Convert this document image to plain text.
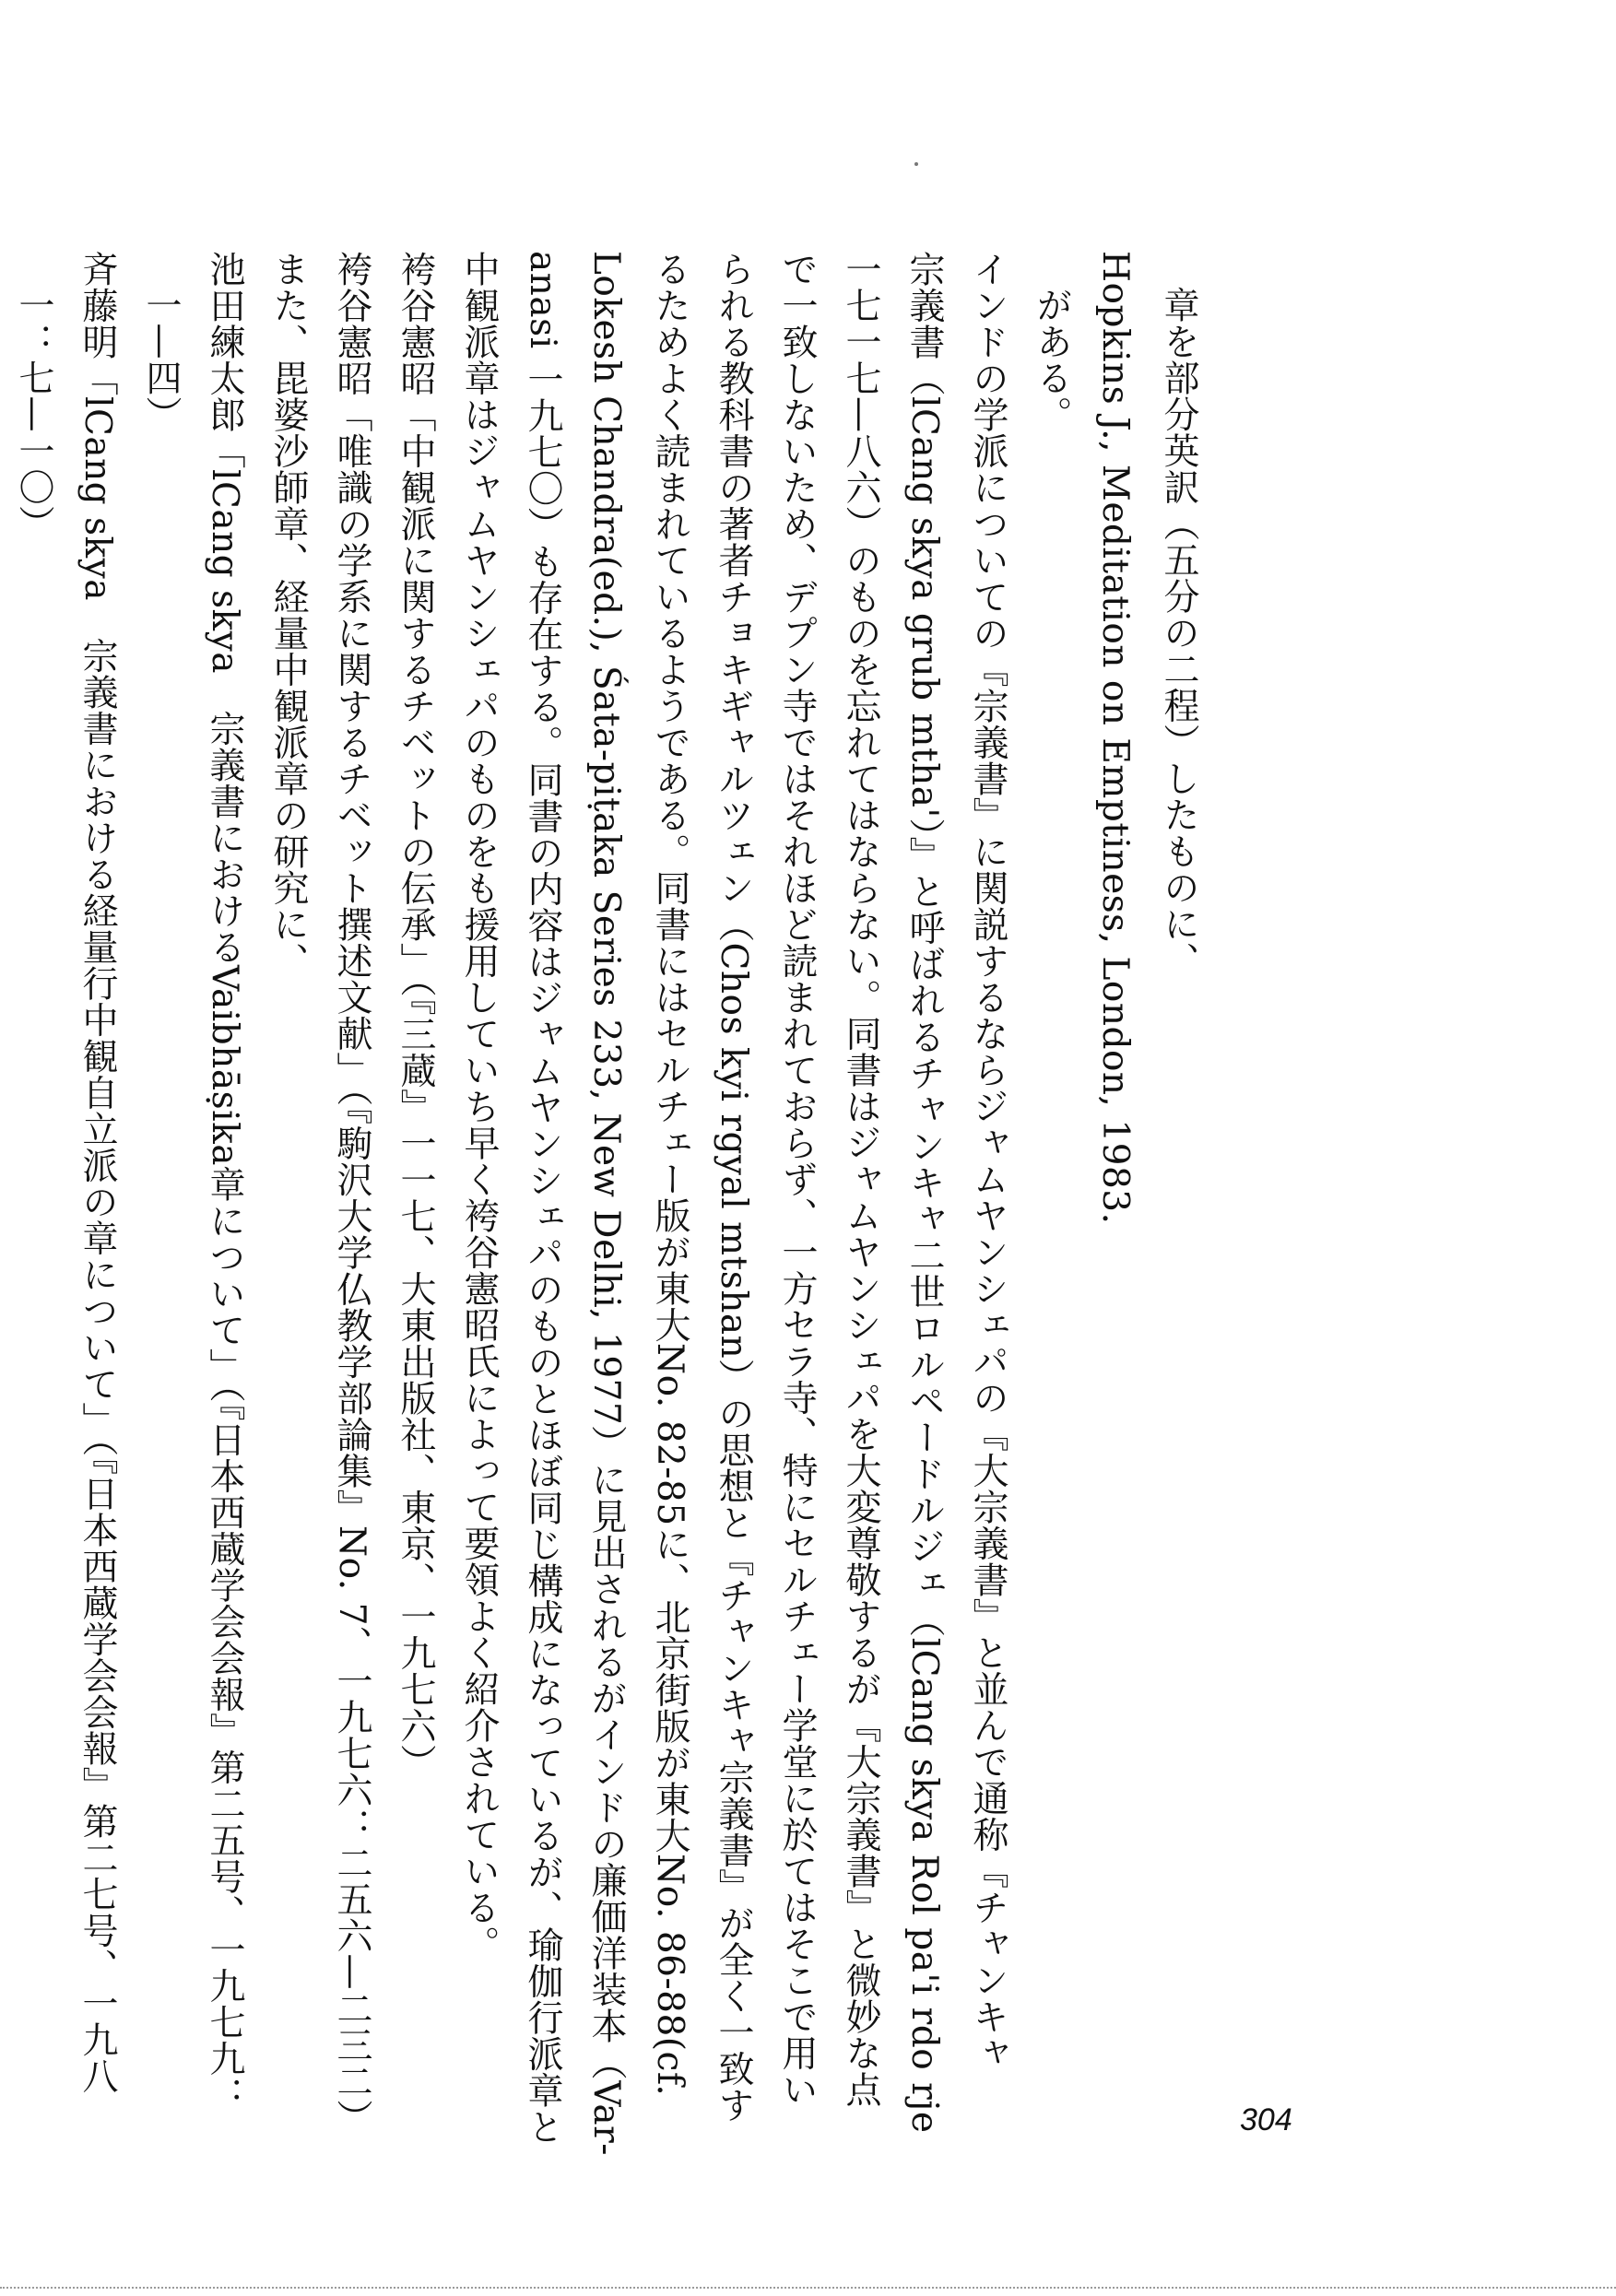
章を部分英訳（五分の二程）したものに、

Hopkins J., Meditation on Emptiness, London, 1983.

がある。

インドの学派についての『宗義書』に関説するならジャムヤンシェパの『大宗義書』と並んで通称『チャンキャ

宗義書（lCang skya grub mtha'）』と呼ばれるチャンキャ二世ロルペードルジェ（lCang skya Rol pa'i rdo rje

一七一七—八六）のものを忘れてはならない。同書はジャムヤンシェパを大変尊敬するが『大宗義書』と微妙な点

で一致しないため、デプン寺ではそれほど読まれておらず、一方セラ寺、特にセルチェー学堂に於てはそこで用い

られる教科書の著者チョキギャルツェン（Chos kyi rgyal mtshan）の思想と『チャンキャ宗義書』が全く一致す

るためよく読まれているようである。同書にはセルチェー版が東大No. 82-85に、北京街版が東大No. 86-88(cf.

Lokesh Chandra(ed.), Śata-piṭaka Series 233, New Delhi, 1977）に見出されるがインドの廉価洋装本（Var-

anasi 一九七〇）も存在する。同書の内容はジャムヤンシェパのものとほぼ同じ構成になっているが、瑜伽行派章と

中観派章はジャムヤンシェパのものをも援用していち早く袴谷憲昭氏によって要領よく紹介されている。

袴谷憲昭「中観派に関するチベットの伝承」（『三蔵』一一七、大東出版社、東京、一九七六）

袴谷憲昭「唯識の学系に関するチベット撰述文献」（『駒沢大学仏教学部論集』No. 7、一九七六：二五六—二三二）

また、毘婆沙師章、経量中観派章の研究に、

池田練太郎「lCang skya　宗義書におけるVaibhāṣika章について」（『日本西蔵学会会報』第二五号、一九七九：

一—四）

斉藤明「lCang skya　宗義書における経量行中観自立派の章について」（『日本西蔵学会会報』第二七号、一九八

一：七—一〇）

304
